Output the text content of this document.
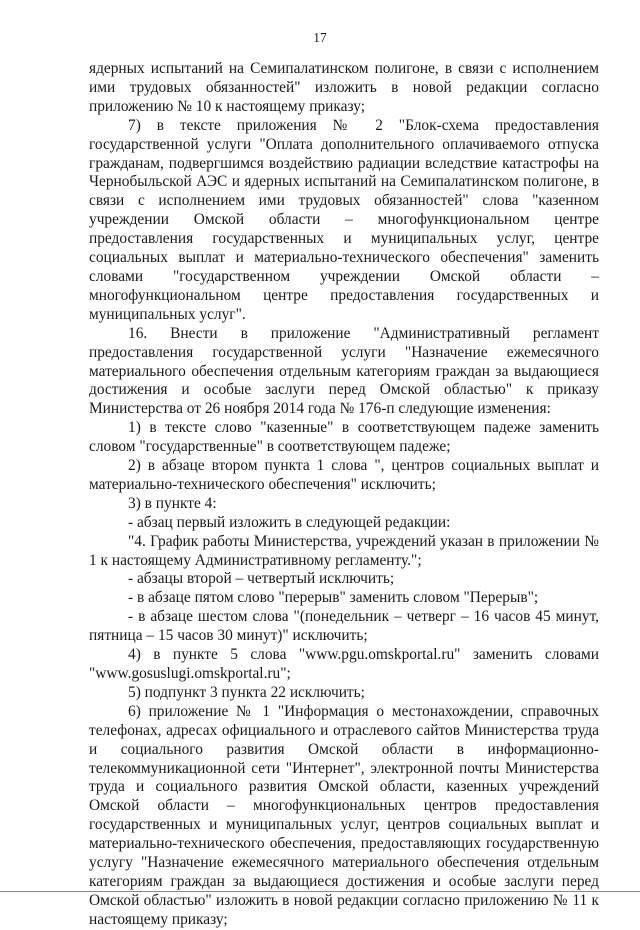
17

ядерных испытаний на Семипалатинском полигоне, в связи с исполнением ими трудовых обязанностей" изложить в новой редакции согласно приложению № 10 к настоящему приказу;

7) в тексте приложения № 2 "Блок-схема предоставления государственной услуги "Оплата дополнительного оплачиваемого отпуска гражданам, подвергшимся воздействию радиации вследствие катастрофы на Чернобыльской АЭС и ядерных испытаний на Семипалатинском полигоне, в связи с исполнением ими трудовых обязанностей" слова "казенном учреждении Омской области – многофункциональном центре предоставления государственных и муниципальных услуг, центре социальных выплат и материально-технического обеспечения" заменить словами "государственном учреждении Омской области – многофункциональном центре предоставления государственных и муниципальных услуг".

16. Внести в приложение "Административный регламент предоставления государственной услуги "Назначение ежемесячного материального обеспечения отдельным категориям граждан за выдающиеся достижения и особые заслуги перед Омской областью" к приказу Министерства от 26 ноября 2014 года № 176-п следующие изменения:

1) в тексте слово "казенные" в соответствующем падеже заменить словом "государственные" в соответствующем падеже;

2) в абзаце втором пункта 1 слова ", центров социальных выплат и материально-технического обеспечения" исключить;

3) в пункте 4:

- абзац первый изложить в следующей редакции:

"4. График работы Министерства, учреждений указан в приложении № 1 к настоящему Административному регламенту.";

- абзацы второй – четвертый исключить;

- в абзаце пятом слово "перерыв" заменить словом "Перерыв";

- в абзаце шестом слова "(понедельник – четверг – 16 часов 45 минут, пятница – 15 часов 30 минут)" исключить;

4) в пункте 5 слова "www.pgu.omskportal.ru" заменить словами "www.gosuslugi.omskportal.ru";

5) подпункт 3 пункта 22 исключить;

6) приложение № 1 "Информация о местонахождении, справочных телефонах, адресах официального и отраслевого сайтов Министерства труда и социального развития Омской области в информационно-телекоммуникационной сети "Интернет", электронной почты Министерства труда и социального развития Омской области, казенных учреждений Омской области – многофункциональных центров предоставления государственных и муниципальных услуг, центров социальных выплат и материально-технического обеспечения, предоставляющих государственную услугу "Назначение ежемесячного материального обеспечения отдельным категориям граждан за выдающиеся достижения и особые заслуги перед Омской областью" изложить в новой редакции согласно приложению № 11 к настоящему приказу;
